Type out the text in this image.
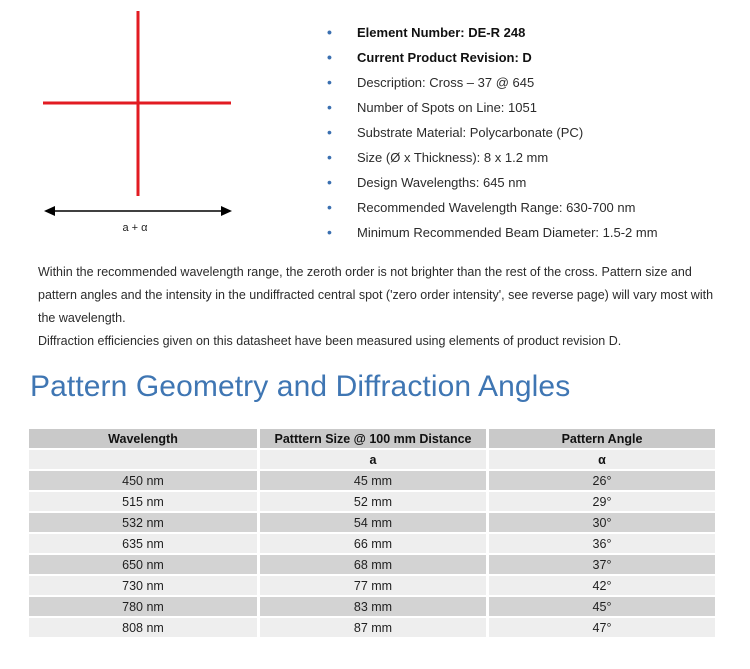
a + α
• Element Number: DE-R 248
• Current Product Revision: D
• Description: Cross – 37 @ 645
• Number of Spots on Line: 1051
• Substrate Material: Polycarbonate (PC)
• Size (Ø x Thickness): 8 x 1.2 mm
• Design Wavelengths: 645 nm
• Recommended Wavelength Range: 630-700 nm
• Minimum Recommended Beam Diameter: 1.5-2 mm

Within the recommended wavelength range, the zeroth order is not brighter than the rest of the cross. Pattern size and pattern angles and the intensity in the undiffracted central spot ('zero order intensity', see reverse page) will vary most with the wavelength.

Diffraction efficiencies given on this datasheet have been measured using elements of product revision D.

Pattern Geometry and Diffraction Angles
Wavelength	Patttern Size @ 100 mm Distance	Pattern Angle
	a	α
450 nm	45 mm	26°
515 nm	52 mm	29°
532 nm	54 mm	30°
635 nm	66 mm	36°
650 nm	68 mm	37°
730 nm	77 mm	42°
780 nm	83 mm	45°
808 nm	87 mm	47°
